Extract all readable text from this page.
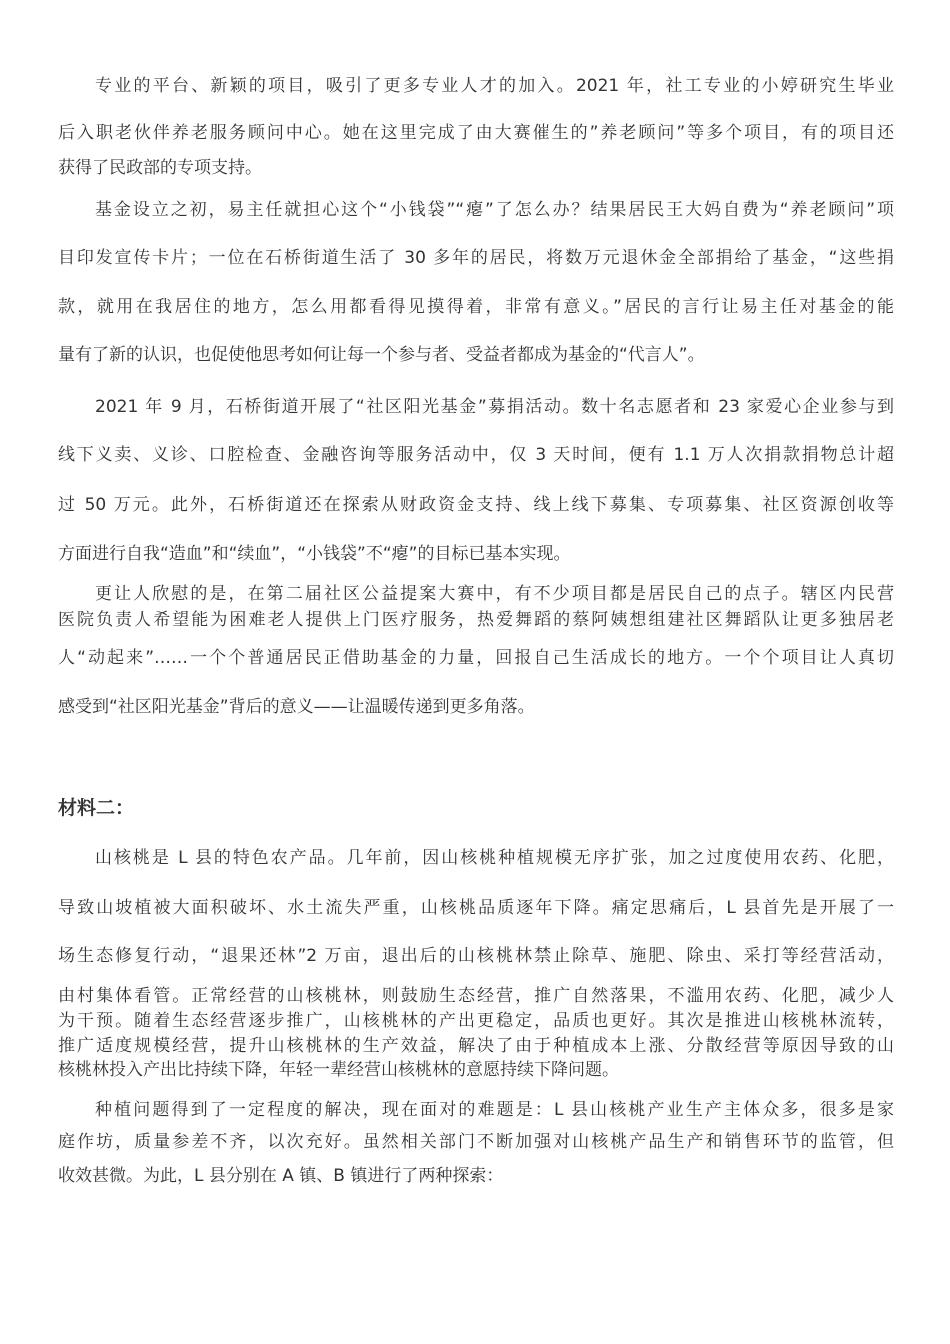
专业的平台、新颖的项目，吸引了更多专业人才的加入。2021 年，社工专业的小婷研究生毕业
后入职老伙伴养老服务顾问中心。她在这里完成了由大赛催生的”养老顾问”等多个项目，有的项目还
获得了民政部的专项支持。
基金设立之初，易主任就担心这个“小钱袋”“瘪”了怎么办？结果居民王大妈自费为“养老顾问”项
目印发宣传卡片；一位在石桥街道生活了 30 多年的居民，将数万元退休金全部捐给了基金，“这些捐
款，就用在我居住的地方，怎么用都看得见摸得着，非常有意义。”居民的言行让易主任对基金的能
量有了新的认识，也促使他思考如何让每一个参与者、受益者都成为基金的“代言人”。
2021 年 9 月，石桥街道开展了“社区阳光基金”募捐活动。数十名志愿者和 23 家爱心企业参与到
线下义卖、义诊、口腔检查、金融咨询等服务活动中，仅 3 天时间，便有 1.1 万人次捐款捐物总计超
过 50 万元。此外，石桥街道还在探索从财政资金支持、线上线下募集、专项募集、社区资源创收等
方面进行自我“造血”和“续血”，“小钱袋”不“瘪”的目标已基本实现。
更让人欣慰的是，在第二届社区公益提案大赛中，有不少项目都是居民自己的点子。辖区内民营
医院负责人希望能为困难老人提供上门医疗服务，热爱舞蹈的蔡阿姨想组建社区舞蹈队让更多独居老
人“动起来”……一个个普通居民正借助基金的力量，回报自己生活成长的地方。一个个项目让人真切
感受到“社区阳光基金”背后的意义——让温暖传递到更多角落。
材料二：
山核桃是 L 县的特色农产品。几年前，因山核桃种植规模无序扩张，加之过度使用农药、化肥，
导致山坡植被大面积破坏、水土流失严重，山核桃品质逐年下降。痛定思痛后，L 县首先是开展了一
场生态修复行动，“退果还林”2 万亩，退出后的山核桃林禁止除草、施肥、除虫、采打等经营活动，
由村集体看管。正常经营的山核桃林，则鼓励生态经营，推广自然落果，不滥用农药、化肥，减少人
为干预。随着生态经营逐步推广，山核桃林的产出更稳定，品质也更好。其次是推进山核桃林流转，
推广适度规模经营，提升山核桃林的生产效益，解决了由于种植成本上涨、分散经营等原因导致的山
核桃林投入产出比持续下降，年轻一辈经营山核桃林的意愿持续下降问题。
种植问题得到了一定程度的解决，现在面对的难题是：L 县山核桃产业生产主体众多，很多是家
庭作坊，质量参差不齐，以次充好。虽然相关部门不断加强对山核桃产品生产和销售环节的监管，但
收效甚微。为此，L 县分别在 A 镇、B 镇进行了两种探索：
